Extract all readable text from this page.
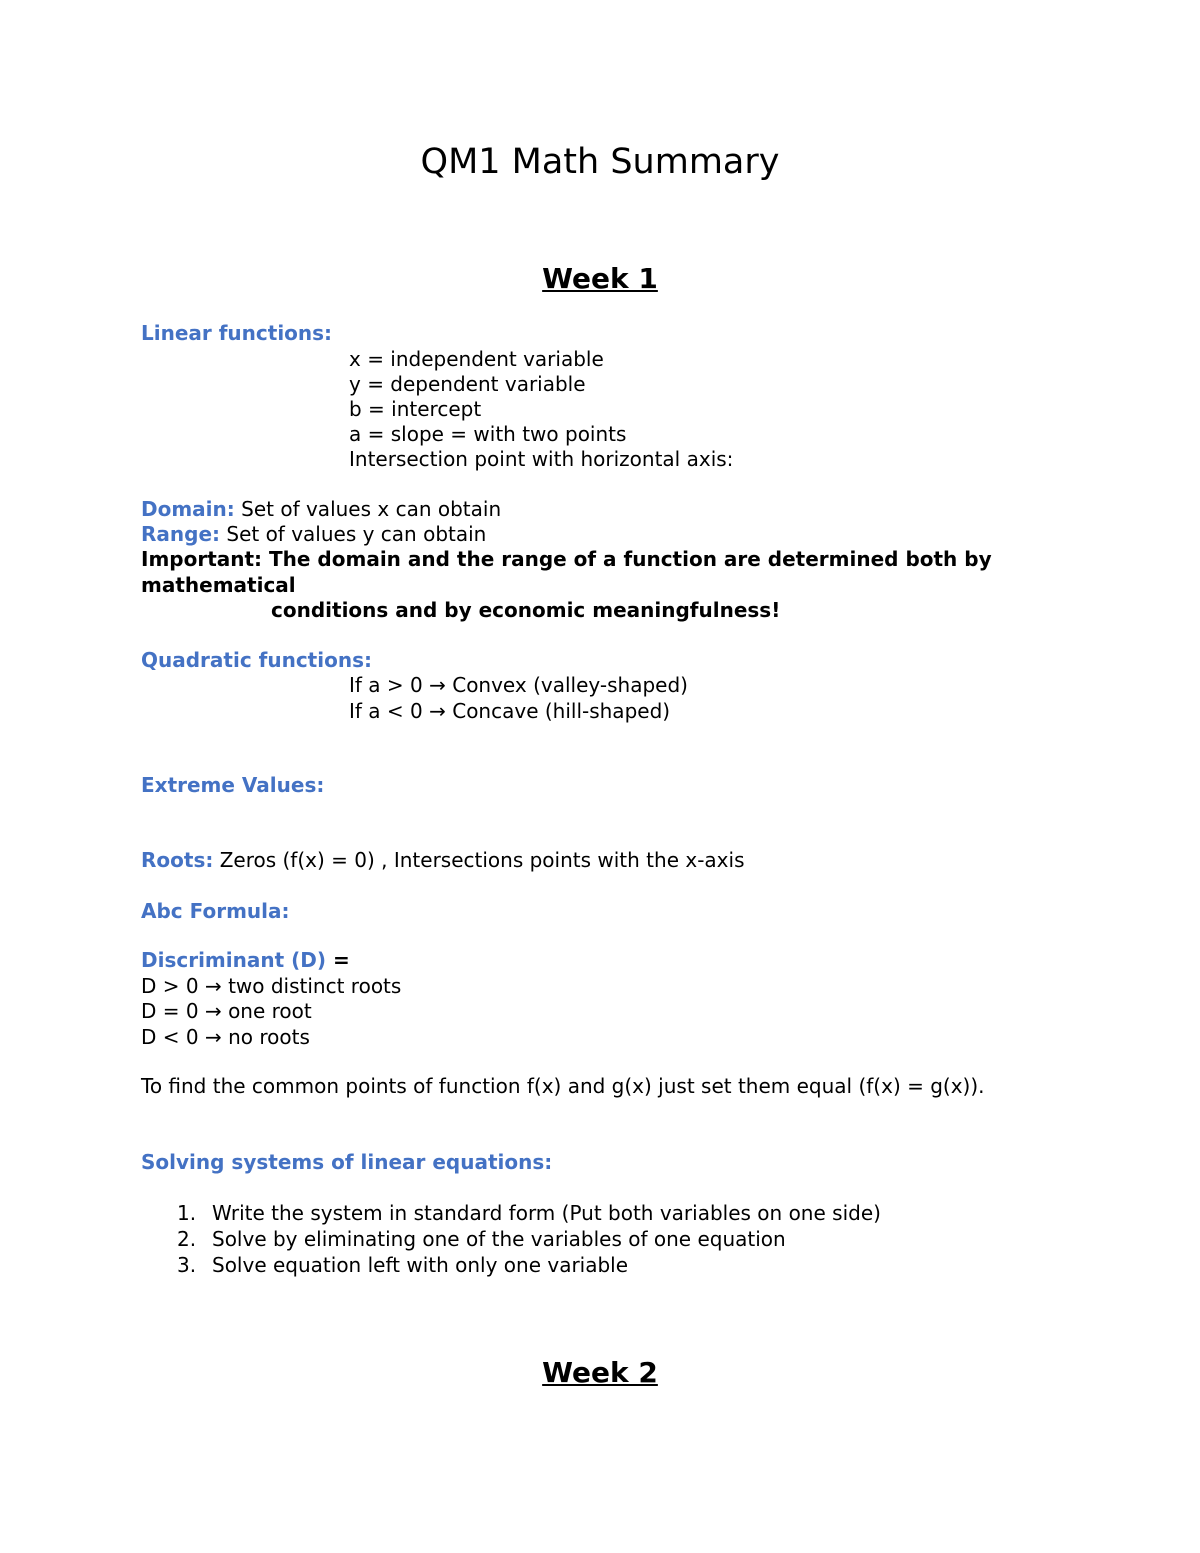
QM1 Math Summary
Week 1
Linear functions:
x = independent variable
y = dependent variable
b = intercept
a = slope = with two points
Intersection point with horizontal axis:
Domain: Set of values x can obtain
Range: Set of values y can obtain
Important: The domain and the range of a function are determined both by
mathematical
conditions and by economic meaningfulness!
Quadratic functions:
If a > 0 → Convex (valley-shaped)
If a < 0 → Concave (hill-shaped)
Extreme Values:
Roots: Zeros (f(x) = 0) , Intersections points with the x-axis
Abc Formula:
Discriminant (D) =
D > 0 → two distinct roots
D = 0 → one root
D < 0 → no roots
To find the common points of function f(x) and g(x) just set them equal (f(x) = g(x)).
Solving systems of linear equations:
1. Write the system in standard form (Put both variables on one side)
2. Solve by eliminating one of the variables of one equation
3. Solve equation left with only one variable
Week 2
